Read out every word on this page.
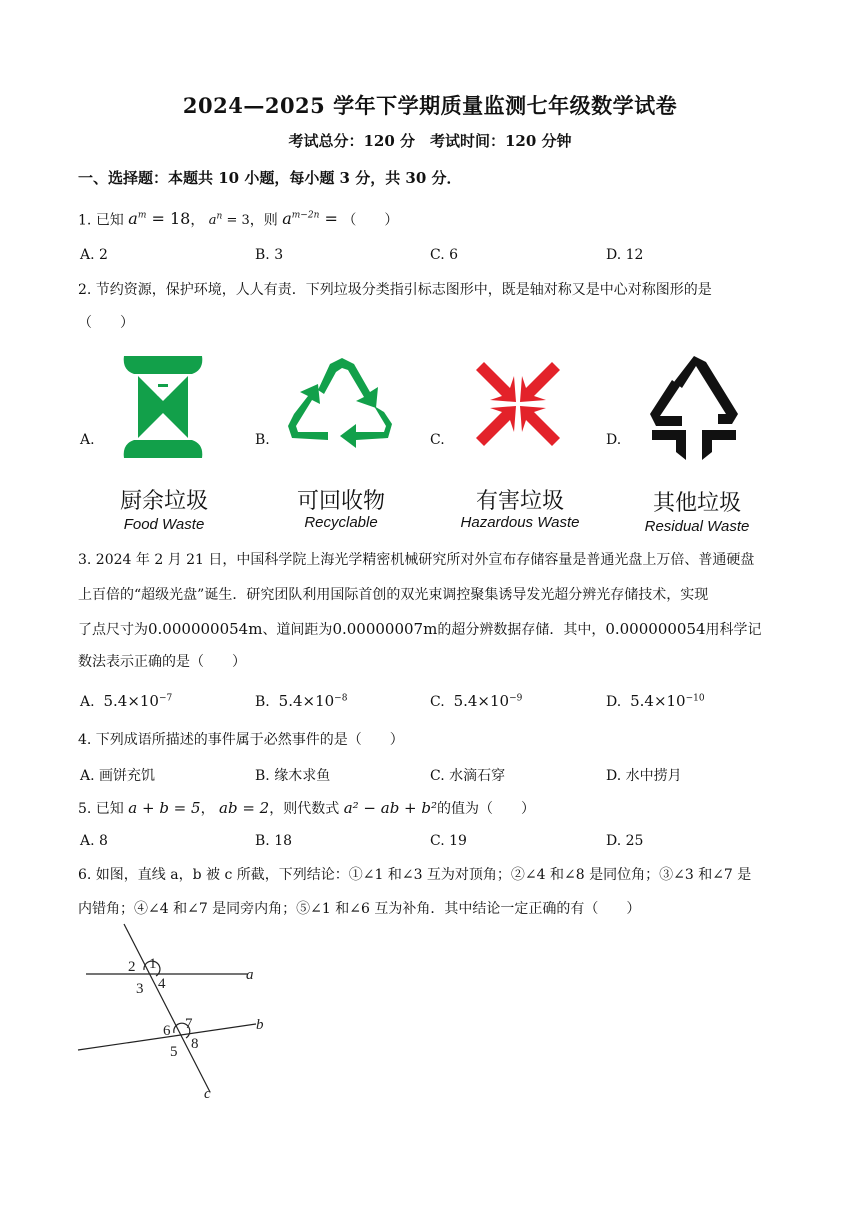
2024—2025 学年下学期质量监测七年级数学试卷
考试总分：120 分　考试时间：120 分钟
一、选择题：本题共 10 小题，每小题 3 分，共 30 分．
1. 已知 $a^m = 18$， $a^n = 3$，则 $a^{m-2n}$ = （　　）
A. 2	B. 3	C. 6	D. 12
2. 节约资源，保护环境，人人有责．下列垃圾分类指引标志图形中，既是轴对称又是中心对称图形的是
（　　）
A.	B.	C.	D.
厨余垃圾	可回收物	有害垃圾	其他垃圾
Food Waste	Recyclable	Hazardous Waste	Residual Waste
3. 2024 年 2 月 21 日，中国科学院上海光学精密机械研究所对外宣布存储容量是普通光盘上万倍、普通硬盘
上百倍的“超级光盘”诞生．研究团队利用国际首创的双光束调控聚集诱导发光超分辨光存储技术，实现
了点尺寸为0.000000054m、道间距为0.00000007m的超分辨数据存储．其中，0.000000054用科学记
数法表示正确的是（　　）
A. $5.4\times 10^{-7}$	B. $5.4\times 10^{-8}$	C. $5.4\times 10^{-9}$	D. $5.4\times 10^{-10}$
4. 下列成语所描述的事件属于必然事件的是（　　）
A. 画饼充饥	B. 缘木求鱼	C. 水滴石穿	D. 水中捞月
5. 已知 a + b = 5， ab = 2，则代数式 a² − ab + b²的值为（　　）
A. 8	B. 18	C. 19	D. 25
6. 如图，直线 a，b 被 c 所截，下列结论：①∠1 和∠3 互为对顶角；②∠4 和∠8 是同位角；③∠3 和∠7 是
内错角；④∠4 和∠7 是同旁内角；⑤∠1 和∠6 互为补角．其中结论一定正确的有（　　）
a
b
c
1
2
3 4
5
6 7
8
